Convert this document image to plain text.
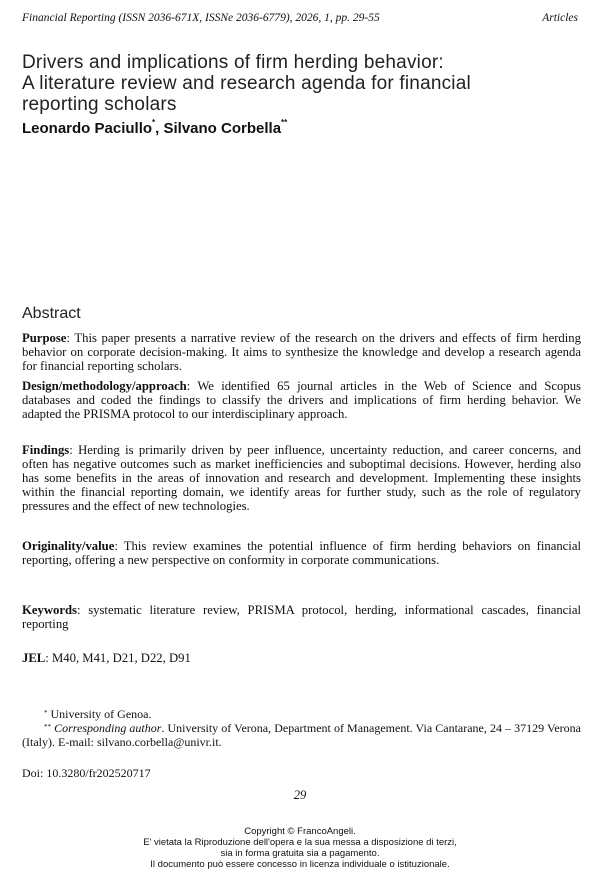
Financial Reporting (ISSN 2036-671X, ISSNe 2036-6779), 2026, 1, pp. 29-55	Articles
Drivers and implications of firm herding behavior:
A literature review and research agenda for financial
reporting scholars
Leonardo Paciullo*, Silvano Corbella**
Abstract
Purpose: This paper presents a narrative review of the research on the drivers and effects of firm herding behavior on corporate decision-making. It aims to synthesize the knowledge and develop a research agenda for financial reporting scholars.
Design/methodology/approach: We identified 65 journal articles in the Web of Science and Scopus databases and coded the findings to classify the drivers and implications of firm herding behavior. We adapted the PRISMA protocol to our interdisciplinary approach.
Findings: Herding is primarily driven by peer influence, uncertainty reduction, and career concerns, and often has negative outcomes such as market inefficiencies and suboptimal decisions. However, herding also has some benefits in the areas of innovation and research and development. Implementing these insights within the financial reporting domain, we identify areas for further study, such as the role of regulatory pressures and the effect of new technologies.
Originality/value: This review examines the potential influence of firm herding behaviors on financial reporting, offering a new perspective on conformity in corporate communications.
Keywords: systematic literature review, PRISMA protocol, herding, informational cascades, financial reporting
JEL: M40, M41, D21, D22, D91
* University of Genoa.
** Corresponding author. University of Verona, Department of Management. Via Cantarane, 24 – 37129 Verona (Italy). E-mail: silvano.corbella@univr.it.
Doi: 10.3280/fr202520717
29
Copyright © FrancoAngeli.
E' vietata la Riproduzione dell'opera e la sua messa a disposizione di terzi,
sia in forma gratuita sia a pagamento.
Il documento può essere concesso in licenza individuale o istituzionale.
